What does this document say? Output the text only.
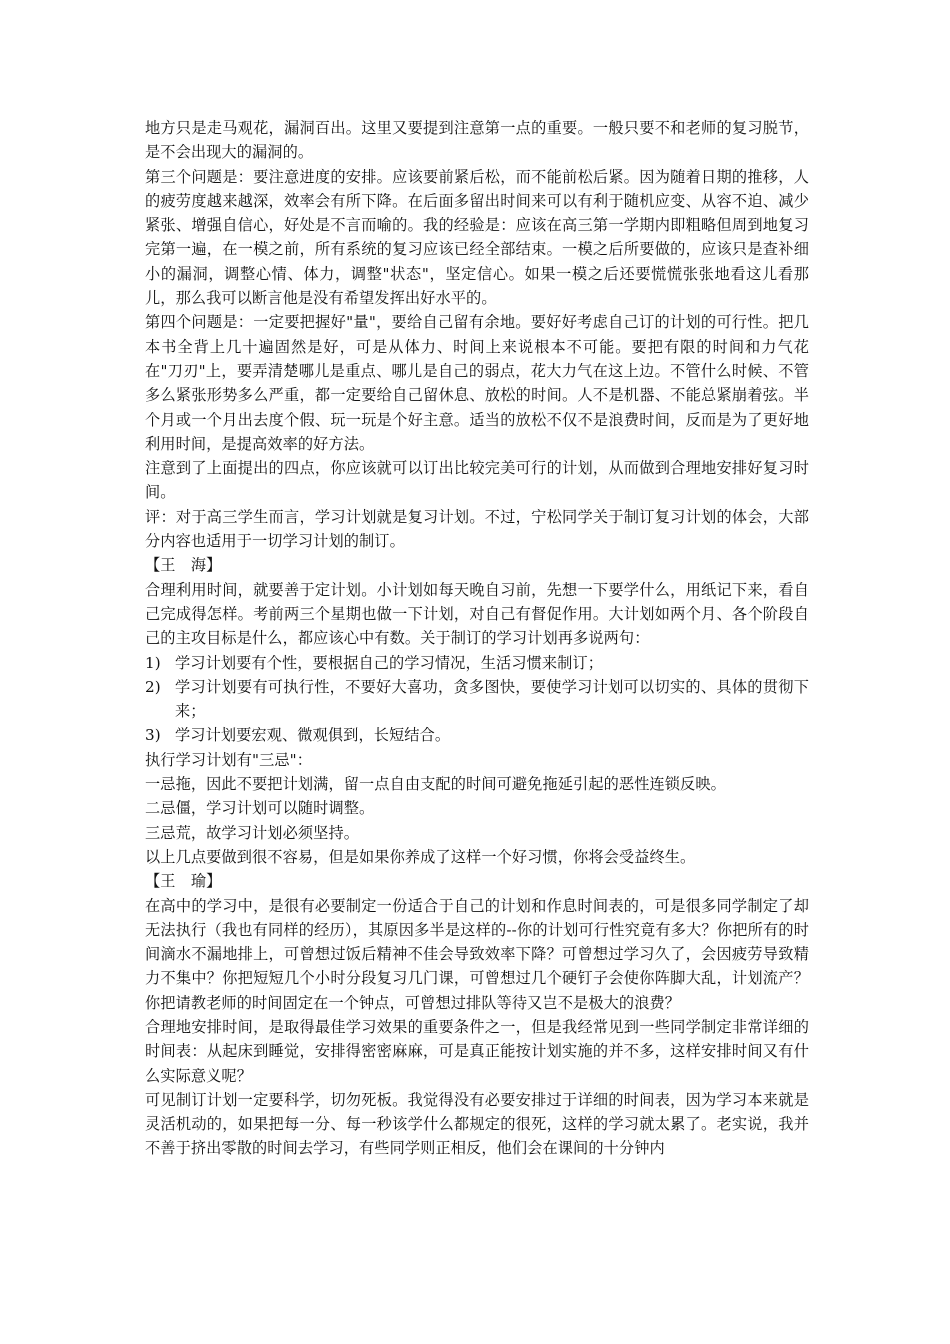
地方只是走马观花，漏洞百出。这里又要提到注意第一点的重要。一般只要不和老师的复习脱节，是不会出现大的漏洞的。

第三个问题是：要注意进度的安排。应该要前紧后松，而不能前松后紧。因为随着日期的推移，人的疲劳度越来越深，效率会有所下降。在后面多留出时间来可以有利于随机应变、从容不迫、减少紧张、增强自信心，好处是不言而喻的。我的经验是：应该在高三第一学期内即粗略但周到地复习完第一遍，在一模之前，所有系统的复习应该已经全部结束。一模之后所要做的，应该只是查补细小的漏洞，调整心情、体力，调整"状态"，坚定信心。如果一模之后还要慌慌张张地看这儿看那儿，那么我可以断言他是没有希望发挥出好水平的。

第四个问题是：一定要把握好"量"，要给自己留有余地。要好好考虑自己订的计划的可行性。把几本书全背上几十遍固然是好，可是从体力、时间上来说根本不可能。要把有限的时间和力气花在"刀刃"上，要弄清楚哪儿是重点、哪儿是自己的弱点，花大力气在这上边。不管什么时候、不管多么紧张形势多么严重，都一定要给自己留休息、放松的时间。人不是机器、不能总紧崩着弦。半个月或一个月出去度个假、玩一玩是个好主意。适当的放松不仅不是浪费时间，反而是为了更好地利用时间，是提高效率的好方法。

注意到了上面提出的四点，你应该就可以订出比较完美可行的计划，从而做到合理地安排好复习时间。

评：对于高三学生而言，学习计划就是复习计划。不过，宁松同学关于制订复习计划的体会，大部分内容也适用于一切学习计划的制订。

【王　海】

合理利用时间，就要善于定计划。小计划如每天晚自习前，先想一下要学什么，用纸记下来，看自己完成得怎样。考前两三个星期也做一下计划，对自己有督促作用。大计划如两个月、各个阶段自己的主攻目标是什么，都应该心中有数。关于制订的学习计划再多说两句：

1) 学习计划要有个性，要根据自己的学习情况，生活习惯来制订；
2) 学习计划要有可执行性，不要好大喜功，贪多图快，要使学习计划可以切实的、具体的贯彻下来；
3) 学习计划要宏观、微观俱到，长短结合。

执行学习计划有"三忌"：

一忌拖，因此不要把计划满，留一点自由支配的时间可避免拖延引起的恶性连锁反映。

二忌僵，学习计划可以随时调整。

三忌荒，故学习计划必须坚持。

以上几点要做到很不容易，但是如果你养成了这样一个好习惯，你将会受益终生。

【王　瑜】

在高中的学习中，是很有必要制定一份适合于自己的计划和作息时间表的，可是很多同学制定了却无法执行（我也有同样的经历），其原因多半是这样的--你的计划可行性究竟有多大？你把所有的时间滴水不漏地排上，可曾想过饭后精神不佳会导致效率下降？可曾想过学习久了，会因疲劳导致精力不集中？你把短短几个小时分段复习几门课，可曾想过几个硬钉子会使你阵脚大乱，计划流产？你把请教老师的时间固定在一个钟点，可曾想过排队等待又岂不是极大的浪费？

合理地安排时间，是取得最佳学习效果的重要条件之一，但是我经常见到一些同学制定非常详细的时间表：从起床到睡觉，安排得密密麻麻，可是真正能按计划实施的并不多，这样安排时间又有什么实际意义呢？

可见制订计划一定要科学，切勿死板。我觉得没有必要安排过于详细的时间表，因为学习本来就是灵活机动的，如果把每一分、每一秒该学什么都规定的很死，这样的学习就太累了。老实说，我并不善于挤出零散的时间去学习，有些同学则正相反，他们会在课间的十分钟内
